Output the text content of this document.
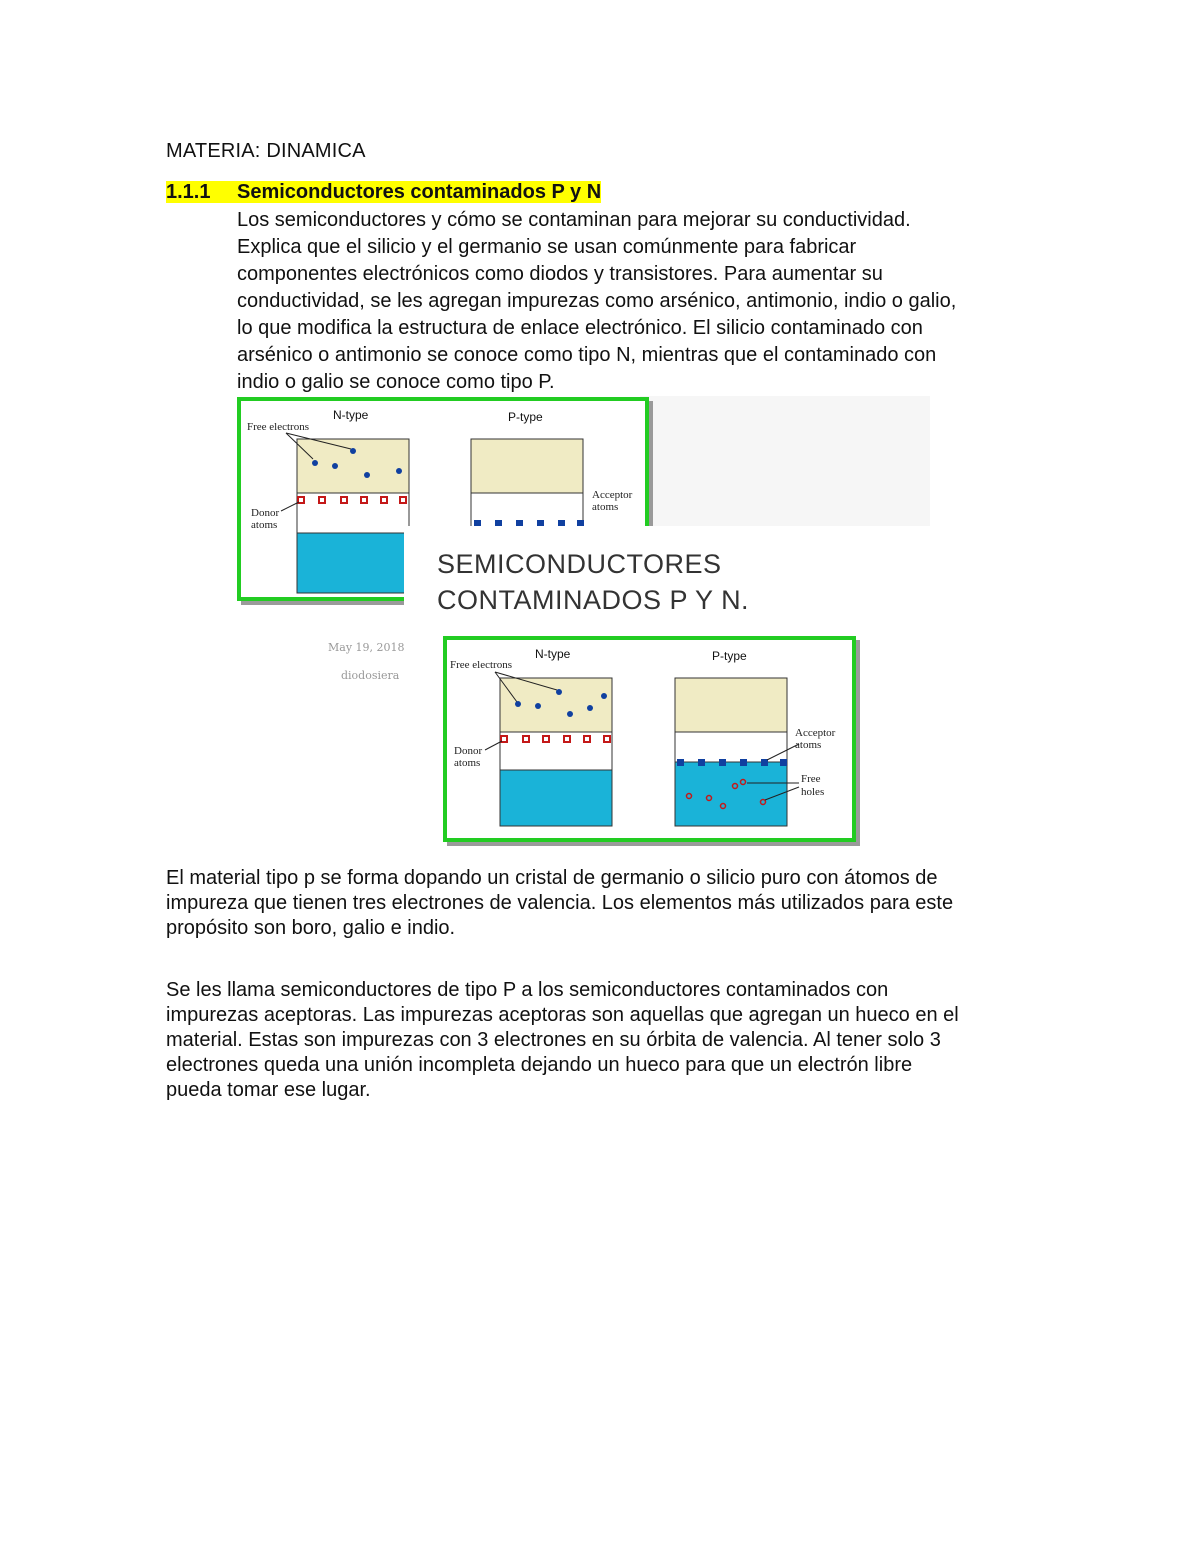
MATERIA: DINAMICA
1.1.1 Semiconductores contaminados P y N
Los semiconductores y cómo se contaminan para mejorar su conductividad.
Explica que el silicio y el germanio se usan comúnmente para fabricar
componentes electrónicos como diodos y transistores. Para aumentar su
conductividad, se les agregan impurezas como arsénico, antimonio, indio o galio,
lo que modifica la estructura de enlace electrónico. El silicio contaminado con
arsénico o antimonio se conoce como tipo N, mientras que el contaminado con
indio o galio se conoce como tipo P.
N-type	P-type
Free electrons
Donor
atoms
Acceptor
atoms
SEMICONDUCTORES
CONTAMINADOS P Y N.
May 19, 2018
diodosiera
N-type	P-type
Free electrons
Donor
atoms
Acceptor
atoms
Free
holes
El material tipo p se forma dopando un cristal de germanio o silicio puro con átomos de
impureza que tienen tres electrones de valencia. Los elementos más utilizados para este
propósito son boro, galio e indio.
Se les llama semiconductores de tipo P a los semiconductores contaminados con
impurezas aceptoras. Las impurezas aceptoras son aquellas que agregan un hueco en el
material. Estas son impurezas con 3 electrones en su órbita de valencia. Al tener solo 3
electrones queda una unión incompleta dejando un hueco para que un electrón libre
pueda tomar ese lugar.
